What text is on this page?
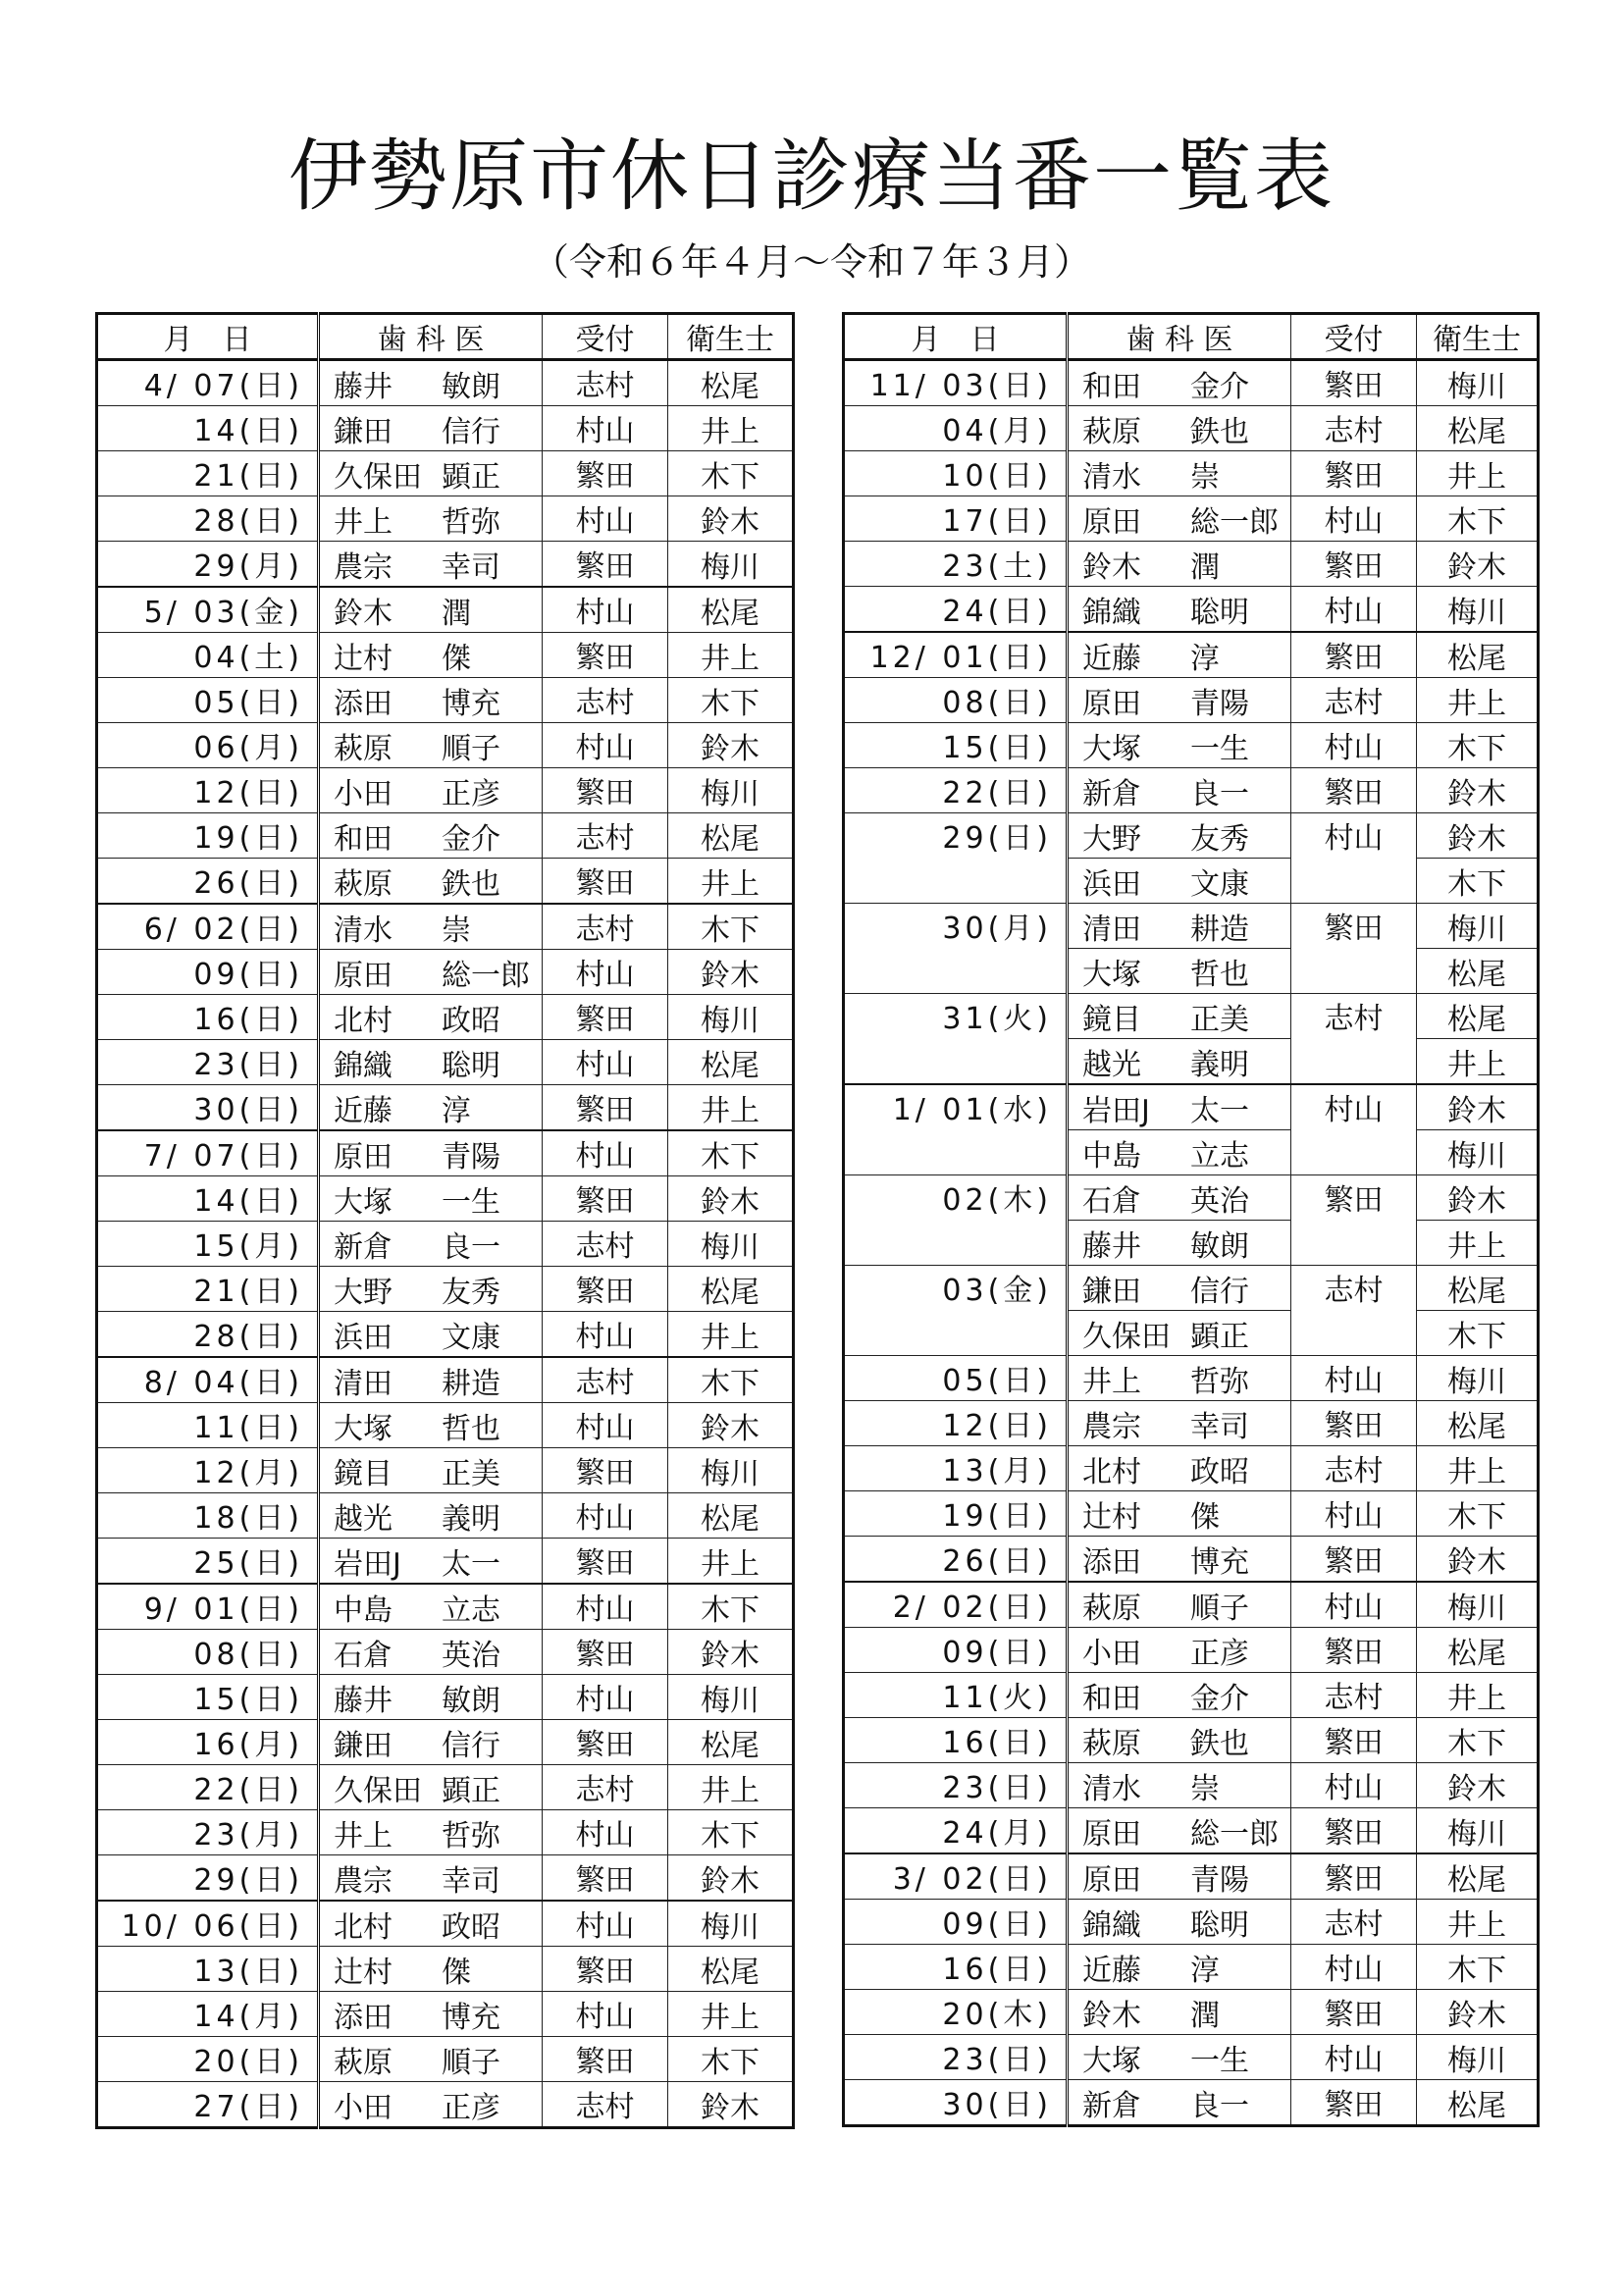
伊勢原市休日診療当番一覧表
（令和６年４月～令和７年３月）
月　日	歯 科 医	受付	衛生士
4/ 07(日)	藤井 敏朗	志村	松尾
14(日)	鎌田 信行	村山	井上
21(日)	久保田 顕正	繁田	木下
28(日)	井上 哲弥	村山	鈴木
29(月)	農宗 幸司	繁田	梅川
5/ 03(金)	鈴木 潤	村山	松尾
04(土)	辻村 傑	繁田	井上
05(日)	添田 博充	志村	木下
06(月)	萩原 順子	村山	鈴木
12(日)	小田 正彦	繁田	梅川
19(日)	和田 金介	志村	松尾
26(日)	萩原 鉄也	繁田	井上
6/ 02(日)	清水 崇	志村	木下
09(日)	原田 総一郎	村山	鈴木
16(日)	北村 政昭	繁田	梅川
23(日)	錦織 聡明	村山	松尾
30(日)	近藤 淳	繁田	井上
7/ 07(日)	原田 青陽	村山	木下
14(日)	大塚 一生	繁田	鈴木
15(月)	新倉 良一	志村	梅川
21(日)	大野 友秀	繁田	松尾
28(日)	浜田 文康	村山	井上
8/ 04(日)	清田 耕造	志村	木下
11(日)	大塚 哲也	村山	鈴木
12(月)	鏡目 正美	繁田	梅川
18(日)	越光 義明	村山	松尾
25(日)	岩田J 太一	繁田	井上
9/ 01(日)	中島 立志	村山	木下
08(日)	石倉 英治	繁田	鈴木
15(日)	藤井 敏朗	村山	梅川
16(月)	鎌田 信行	繁田	松尾
22(日)	久保田 顕正	志村	井上
23(月)	井上 哲弥	村山	木下
29(日)	農宗 幸司	繁田	鈴木
10/ 06(日)	北村 政昭	村山	梅川
13(日)	辻村 傑	繁田	松尾
14(月)	添田 博充	村山	井上
20(日)	萩原 順子	繁田	木下
27(日)	小田 正彦	志村	鈴木
月　日	歯 科 医	受付	衛生士
11/ 03(日)	和田 金介	繁田	梅川
04(月)	萩原 鉄也	志村	松尾
10(日)	清水 崇	繁田	井上
17(日)	原田 総一郎	村山	木下
23(土)	鈴木 潤	繁田	鈴木
24(日)	錦織 聡明	村山	梅川
12/ 01(日)	近藤 淳	繁田	松尾
08(日)	原田 青陽	志村	井上
15(日)	大塚 一生	村山	木下
22(日)	新倉 良一	繁田	鈴木
29(日)	大野 友秀	村山	鈴木
	浜田 文康		木下
30(月)	清田 耕造	繁田	梅川
	大塚 哲也		松尾
31(火)	鏡目 正美	志村	松尾
	越光 義明		井上
1/ 01(水)	岩田J 太一	村山	鈴木
	中島 立志		梅川
02(木)	石倉 英治	繁田	鈴木
	藤井 敏朗		井上
03(金)	鎌田 信行	志村	松尾
	久保田 顕正		木下
05(日)	井上 哲弥	村山	梅川
12(日)	農宗 幸司	繁田	松尾
13(月)	北村 政昭	志村	井上
19(日)	辻村 傑	村山	木下
26(日)	添田 博充	繁田	鈴木
2/ 02(日)	萩原 順子	村山	梅川
09(日)	小田 正彦	繁田	松尾
11(火)	和田 金介	志村	井上
16(日)	萩原 鉄也	繁田	木下
23(日)	清水 崇	村山	鈴木
24(月)	原田 総一郎	繁田	梅川
3/ 02(日)	原田 青陽	繁田	松尾
09(日)	錦織 聡明	志村	井上
16(日)	近藤 淳	村山	木下
20(木)	鈴木 潤	繁田	鈴木
23(日)	大塚 一生	村山	梅川
30(日)	新倉 良一	繁田	松尾
